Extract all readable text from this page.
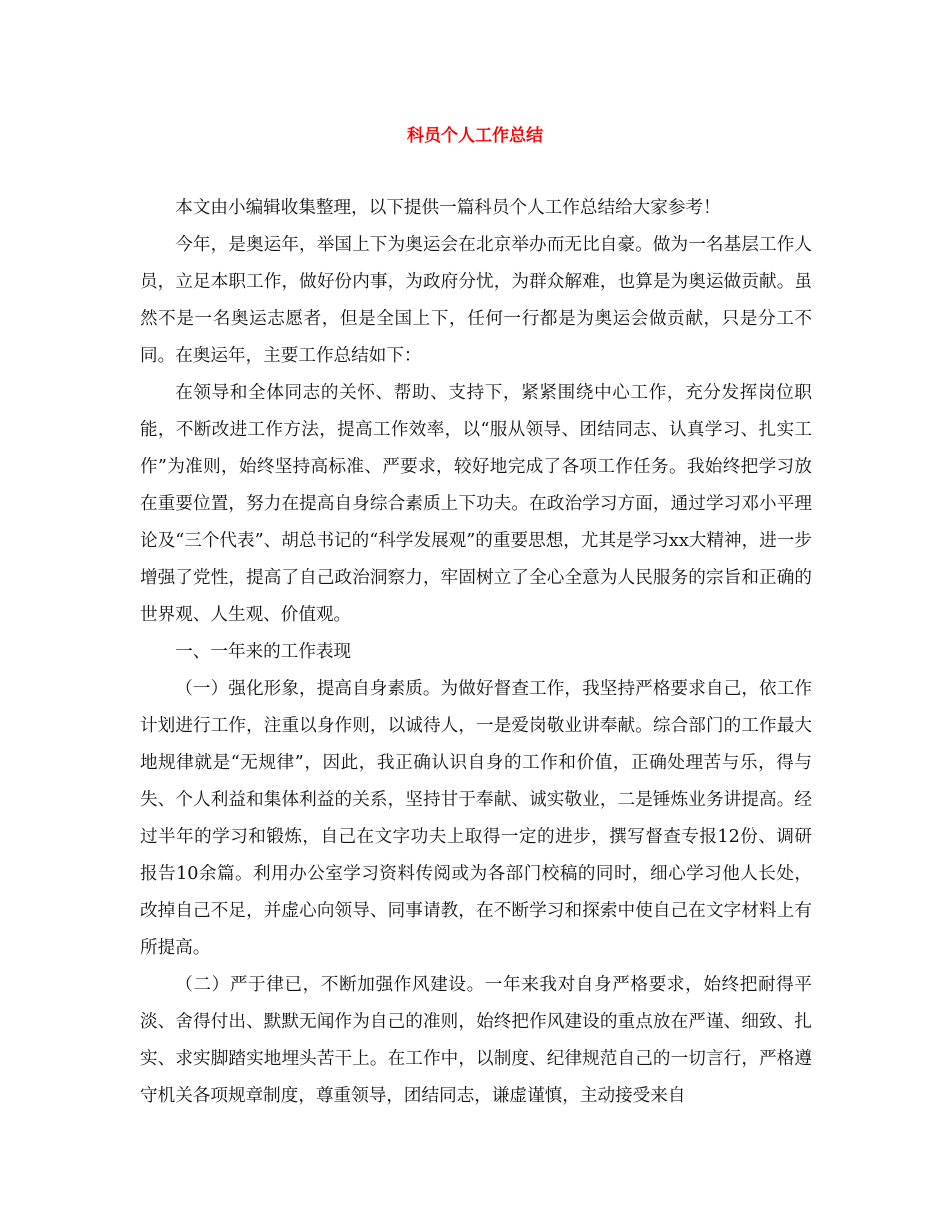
科员个人工作总结

本文由小编辑收集整理，以下提供一篇科员个人工作总结给大家参考！

今年，是奥运年，举国上下为奥运会在北京举办而无比自豪。做为一名基层工作人员，立足本职工作，做好份内事，为政府分忧，为群众解难，也算是为奥运做贡献。虽然不是一名奥运志愿者，但是全国上下，任何一行都是为奥运会做贡献，只是分工不同。在奥运年，主要工作总结如下：

在领导和全体同志的关怀、帮助、支持下，紧紧围绕中心工作，充分发挥岗位职能，不断改进工作方法，提高工作效率，以“服从领导、团结同志、认真学习、扎实工作”为准则，始终坚持高标准、严要求，较好地完成了各项工作任务。我始终把学习放在重要位置，努力在提高自身综合素质上下功夫。在政治学习方面，通过学习邓小平理论及“三个代表”、胡总书记的“科学发展观”的重要思想，尤其是学习xx大精神，进一步增强了党性，提高了自己政治洞察力，牢固树立了全心全意为人民服务的宗旨和正确的世界观、人生观、价值观。

一、一年来的工作表现

（一）强化形象，提高自身素质。为做好督查工作，我坚持严格要求自己，依工作计划进行工作，注重以身作则，以诚待人，一是爱岗敬业讲奉献。综合部门的工作最大地规律就是“无规律”，因此，我正确认识自身的工作和价值，正确处理苦与乐，得与失、个人利益和集体利益的关系，坚持甘于奉献、诚实敬业，二是锤炼业务讲提高。经过半年的学习和锻炼，自己在文字功夫上取得一定的进步，撰写督查专报12份、调研报告10余篇。利用办公室学习资料传阅或为各部门校稿的同时，细心学习他人长处，改掉自己不足，并虚心向领导、同事请教，在不断学习和探索中使自己在文字材料上有所提高。

（二）严于律已，不断加强作风建设。一年来我对自身严格要求，始终把耐得平淡、舍得付出、默默无闻作为自己的准则，始终把作风建设的重点放在严谨、细致、扎实、求实脚踏实地埋头苦干上。在工作中，以制度、纪律规范自己的一切言行，严格遵守机关各项规章制度，尊重领导，团结同志，谦虚谨慎，主动接受来自
